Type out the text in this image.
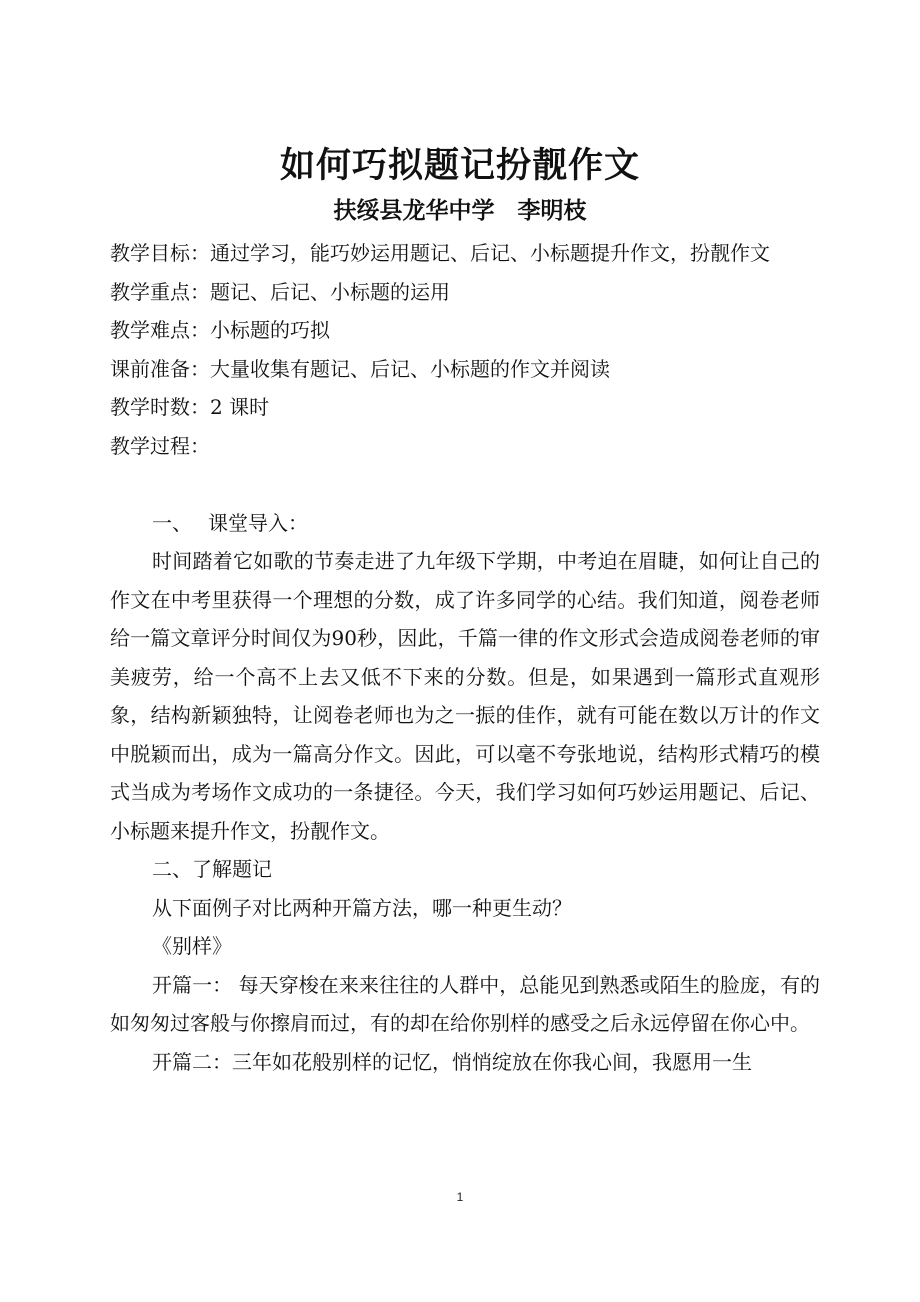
如何巧拟题记扮靓作文
扶绥县龙华中学　李明枝

教学目标：通过学习，能巧妙运用题记、后记、小标题提升作文，扮靓作文

教学重点：题记、后记、小标题的运用

教学难点：小标题的巧拟

课前准备：大量收集有题记、后记、小标题的作文并阅读

教学时数：2 课时

教学过程：

一、 课堂导入：

时间踏着它如歌的节奏走进了九年级下学期，中考迫在眉睫，如何让自己的作文在中考里获得一个理想的分数，成了许多同学的心结。我们知道，阅卷老师给一篇文章评分时间仅为90秒，因此，千篇一律的作文形式会造成阅卷老师的审美疲劳，给一个高不上去又低不下来的分数。但是，如果遇到一篇形式直观形象，结构新颖独特，让阅卷老师也为之一振的佳作，就有可能在数以万计的作文中脱颖而出，成为一篇高分作文。因此，可以毫不夸张地说，结构形式精巧的模式当成为考场作文成功的一条捷径。今天，我们学习如何巧妙运用题记、后记、小标题来提升作文，扮靓作文。

二、了解题记

从下面例子对比两种开篇方法，哪一种更生动？

《别样》

开篇一： 每天穿梭在来来往往的人群中，总能见到熟悉或陌生的脸庞，有的如匆匆过客般与你擦肩而过，有的却在给你别样的感受之后永远停留在你心中。

开篇二：三年如花般别样的记忆，悄悄绽放在你我心间，我愿用一生

1
